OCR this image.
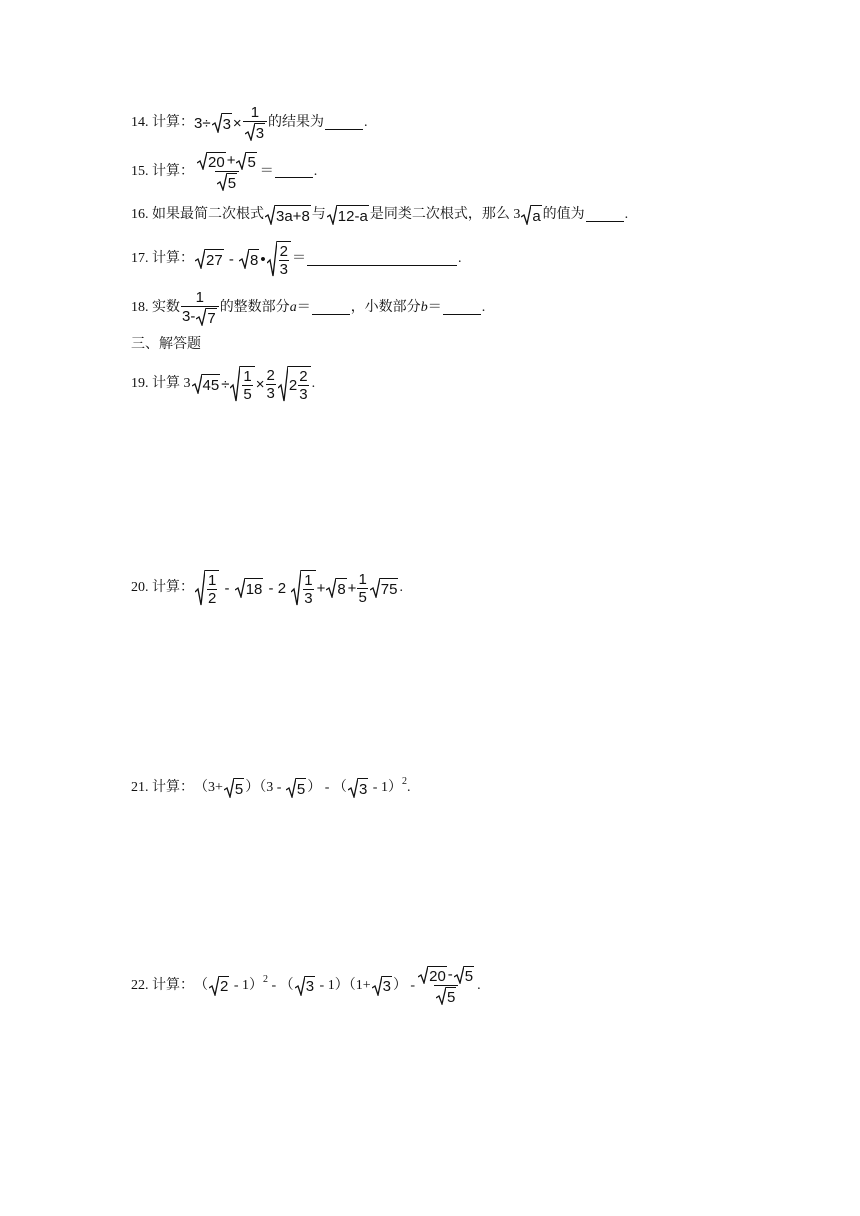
14.
计算： $3\div 3 \times \frac{1}{3}$ 的结果为	.
15.
计算： $\frac{20 + 5}{5}$ ＝	.
16.
如果最简二次根式 3a+8 与 12-a 是同类二次根式，那么 3 a 的值为	.
17.
计算： 27 - 8 • $\frac{2}{3}$ ＝	.
18.
实数 $\frac{1}{3- 7}$ 的整数部分 a ＝	，小数部分 b ＝	.
三、解答题
19.
计算 3 $45 \div \frac{1}{5} \times \frac{2}{3} 2 \frac{2}{3}$ .
20.
计算： $\frac{1}{2} - 18 - 2 \frac{1}{3} + 8 + \frac{1}{5} 75$ .
21.
计算： （3+ 5 ）（3 - 5 ） - （ 3 - 1） 2 .
22.
计算： （ 2 - 1） 2 - （ 3 - 1）（1+ 3 ） - $\frac{20 - 5}{5}$ .
